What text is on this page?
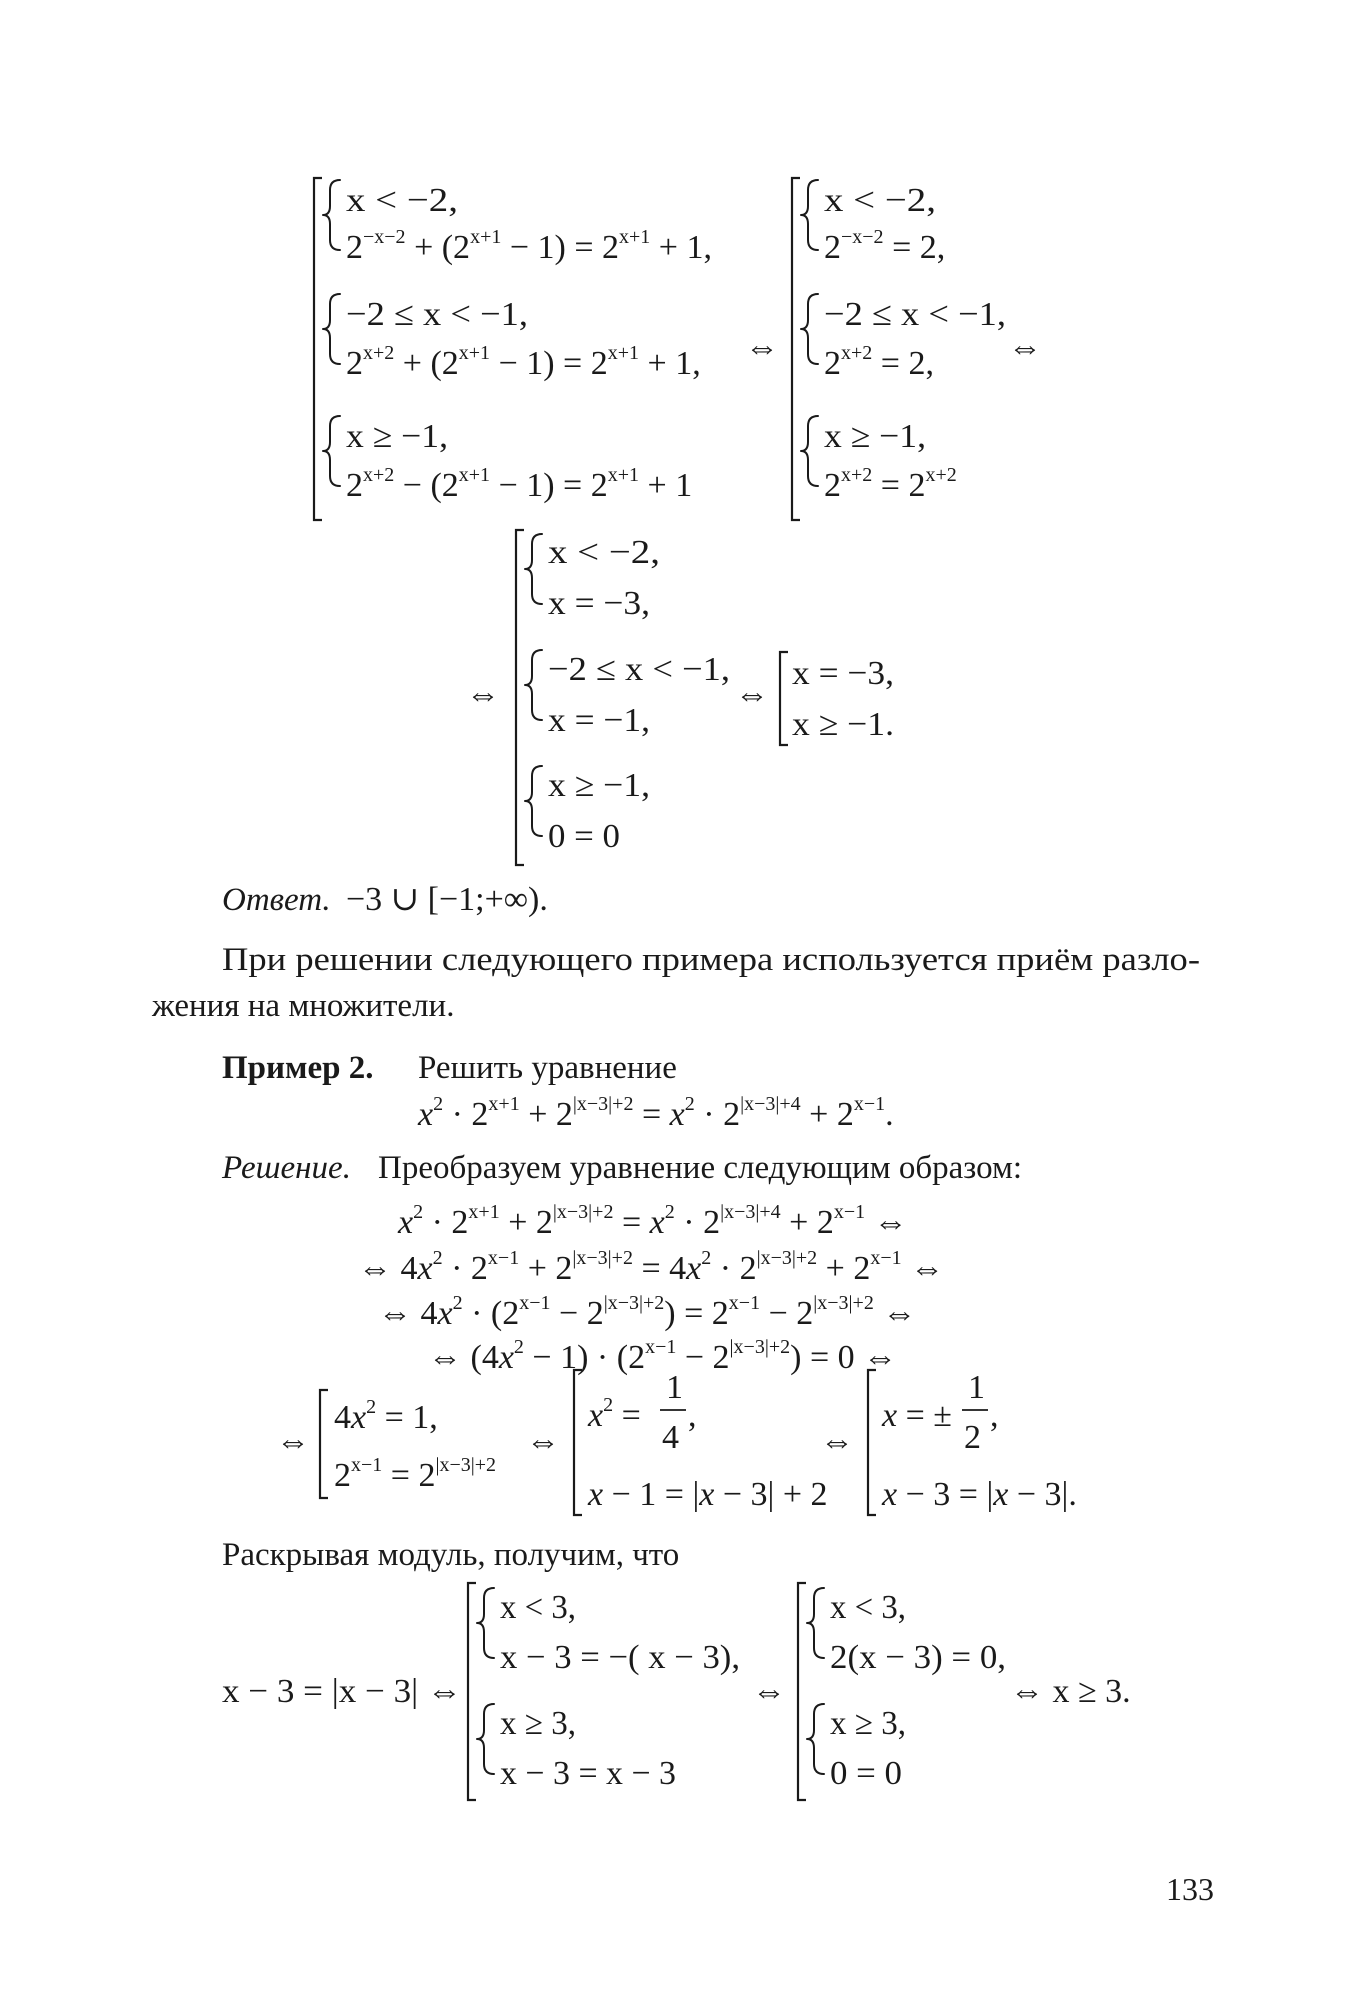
x < −2,
$2^{-x-2} + (2^{x+1} - 1) = 2^{x+1} + 1$,
−2 ≤ x < −1,
$2^{x+2} + (2^{x+1} - 1) = 2^{x+1} + 1$,
x ≥ −1,
$2^{x+2} - (2^{x+1} - 1) = 2^{x+1} + 1$
⇔
x < −2,
$2^{-x-2} = 2$,
−2 ≤ x < −1,
$2^{x+2} = 2$,
x ≥ −1,
$2^{x+2} = 2^{x+2}$
⇔
⇔
x < −2,
x = −3,
−2 ≤ x < −1,
x = −1,
x ≥ −1,
0 = 0
⇔
x = −3,
x ≥ −1.
Ответ. −3 ∪ [−1;+∞).
При решении следующего примера используется приём разло-
жения на множители.
Пример 2. Решить уравнение
$x^2 \cdot 2^{x+1} + 2^{|x-3|+2} = x^2 \cdot 2^{|x-3|+4} + 2^{x-1}$.
Решение. Преобразуем уравнение следующим образом:
$x^2 \cdot 2^{x+1} + 2^{|x-3|+2} = x^2 \cdot 2^{|x-3|+4} + 2^{x-1}$ ⇔
⇔ $4x^2 \cdot 2^{x-1} + 2^{|x-3|+2} = 4x^2 \cdot 2^{|x-3|+2} + 2^{x-1}$ ⇔
⇔ $4x^2 \cdot (2^{x-1} - 2^{|x-3|+2}) = 2^{x-1} - 2^{|x-3|+2}$ ⇔
⇔ $(4x^2 - 1) \cdot (2^{x-1} - 2^{|x-3|+2}) = 0$ ⇔
⇔
$4x^2 = 1$,
$2^{x-1} = 2^{|x-3|+2}$
⇔
$x^2$ =
1
4
,
x − 1 = |x − 3| + 2
⇔
x = ±
1
2
,
x − 3 = |x − 3|.
Раскрывая модуль, получим, что
x − 3 = |x − 3| ⇔
x < 3,
x − 3 = −( x − 3),
x ≥ 3,
x − 3 = x − 3
⇔
x < 3,
2(x − 3) = 0,
x ≥ 3,
0 = 0
⇔ x ≥ 3.
133
